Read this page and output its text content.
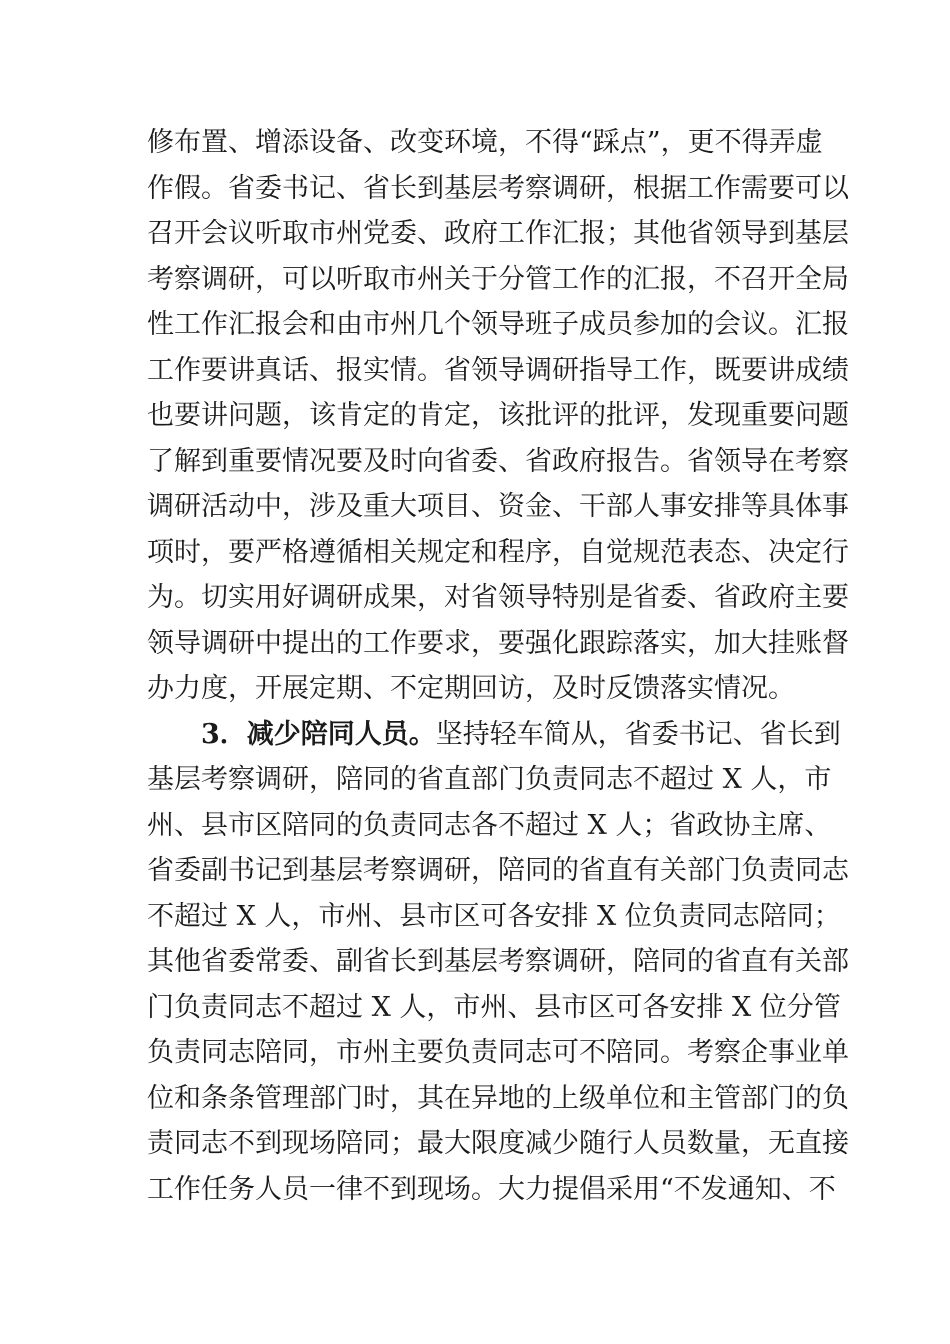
修布置、增添设备、改变环境，不得“踩点”，更不得弄虚
作假。省委书记、省长到基层考察调研，根据工作需要可以
召开会议听取市州党委、政府工作汇报；其他省领导到基层
考察调研，可以听取市州关于分管工作的汇报，不召开全局
性工作汇报会和由市州几个领导班子成员参加的会议。汇报
工作要讲真话、报实情。省领导调研指导工作，既要讲成绩
也要讲问题，该肯定的肯定，该批评的批评，发现重要问题
了解到重要情况要及时向省委、省政府报告。省领导在考察
调研活动中，涉及重大项目、资金、干部人事安排等具体事
项时，要严格遵循相关规定和程序，自觉规范表态、决定行
为。切实用好调研成果，对省领导特别是省委、省政府主要
领导调研中提出的工作要求，要强化跟踪落实，加大挂账督
办力度，开展定期、不定期回访，及时反馈落实情况。
3．减少陪同人员。坚持轻车简从，省委书记、省长到
基层考察调研，陪同的省直部门负责同志不超过 X 人，市
州、县市区陪同的负责同志各不超过 X 人；省政协主席、
省委副书记到基层考察调研，陪同的省直有关部门负责同志
不超过 X 人，市州、县市区可各安排 X 位负责同志陪同；
其他省委常委、副省长到基层考察调研，陪同的省直有关部
门负责同志不超过 X 人，市州、县市区可各安排 X 位分管
负责同志陪同，市州主要负责同志可不陪同。考察企事业单
位和条条管理部门时，其在异地的上级单位和主管部门的负
责同志不到现场陪同；最大限度减少随行人员数量，无直接
工作任务人员一律不到现场。大力提倡采用“不发通知、不
